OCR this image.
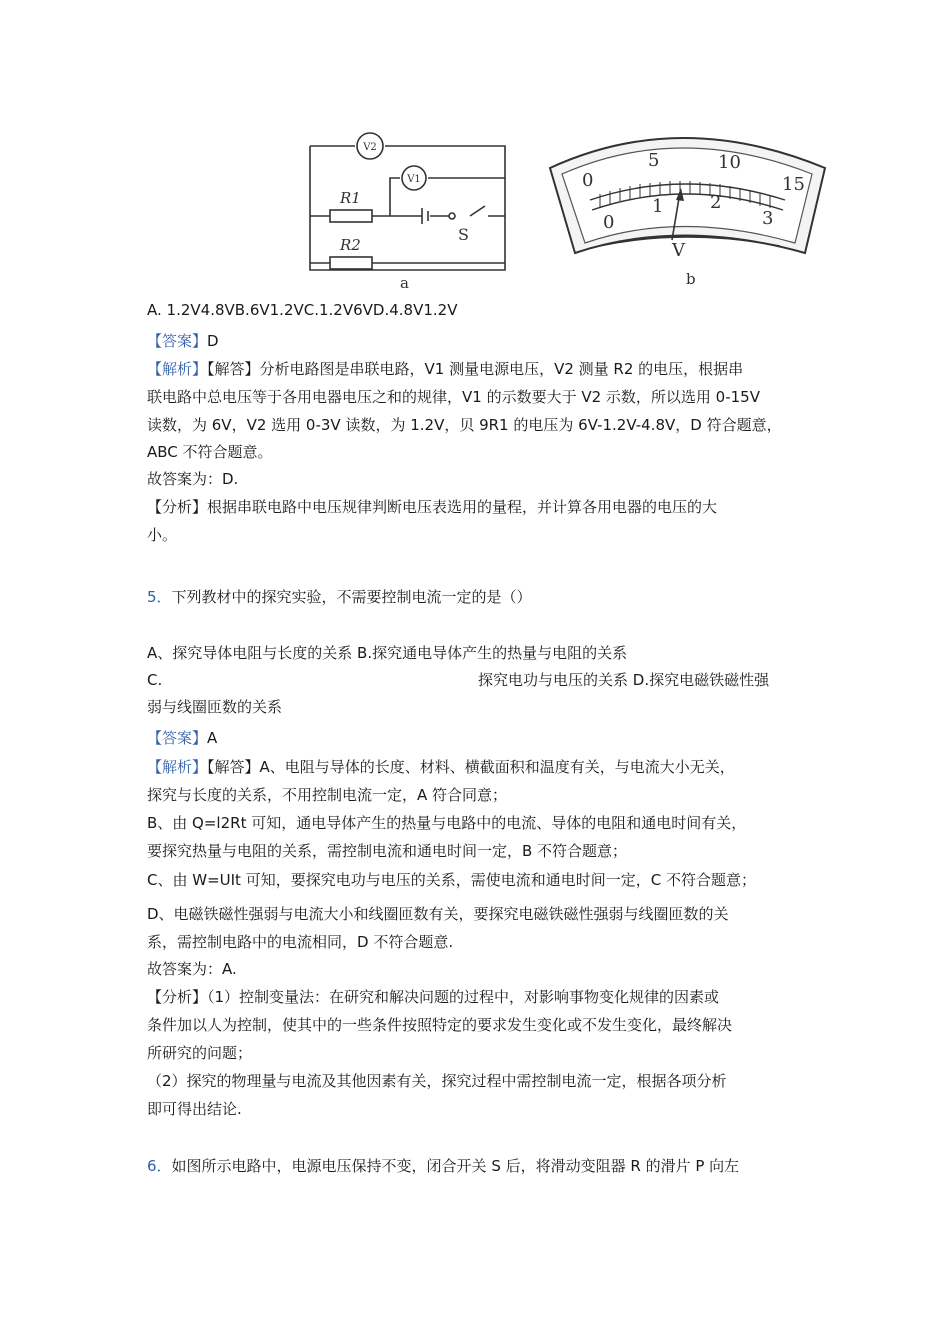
V2
V1
R1
R2
S
a
0
5	10
15
0
1	2
3
V
b
A. 1.2V4.8VB.6V1.2VC.1.2V6VD.4.8V1.2V
【答案】D
【解析】【解答】分析电路图是串联电路，V1 测量电源电压，V2 测量 R2 的电压，根据串
联电路中总电压等于各用电器电压之和的规律，V1 的示数要大于 V2 示数，所以选用 0-15V
读数，为 6V，V2 选用 0-3V 读数，为 1.2V，贝 9R1 的电压为 6V-1.2V-4.8V，D 符合题意，
ABC 不符合题意。
故答案为：D.
【分析】根据串联电路中电压规律判断电压表选用的量程，并计算各用电器的电压的大
小。
5．下列教材中的探究实验，不需要控制电流一定的是（）
A、探究导体电阻与长度的关系 B.探究通电导体产生的热量与电阻的关系
C.	探究电功与电压的关系 D.探究电磁铁磁性强
弱与线圈匝数的关系
【答案】A
【解析】【解答】A、电阻与导体的长度、材料、横截面积和温度有关，与电流大小无关，
探究与长度的关系，不用控制电流一定，A 符合同意；
B、由 Q=l2Rt 可知，通电导体产生的热量与电路中的电流、导体的电阻和通电时间有关，
要探究热量与电阻的关系，需控制电流和通电时间一定，B 不符合题意；
C、由 W=UIt 可知，要探究电功与电压的关系，需使电流和通电时间一定，C 不符合题意；
D、电磁铁磁性强弱与电流大小和线圈匝数有关，要探究电磁铁磁性强弱与线圈匝数的关
系，需控制电路中的电流相同，D 不符合题意.
故答案为：A.
【分析】（1）控制变量法：在研究和解决问题的过程中，对影响事物变化规律的因素或
条件加以人为控制，使其中的一些条件按照特定的要求发生变化或不发生变化，最终解决
所研究的问题；
（2）探究的物理量与电流及其他因素有关，探究过程中需控制电流一定，根据各项分析
即可得出结论.
6．如图所示电路中，电源电压保持不变，闭合开关 S 后，将滑动变阻器 R 的滑片 P 向左
